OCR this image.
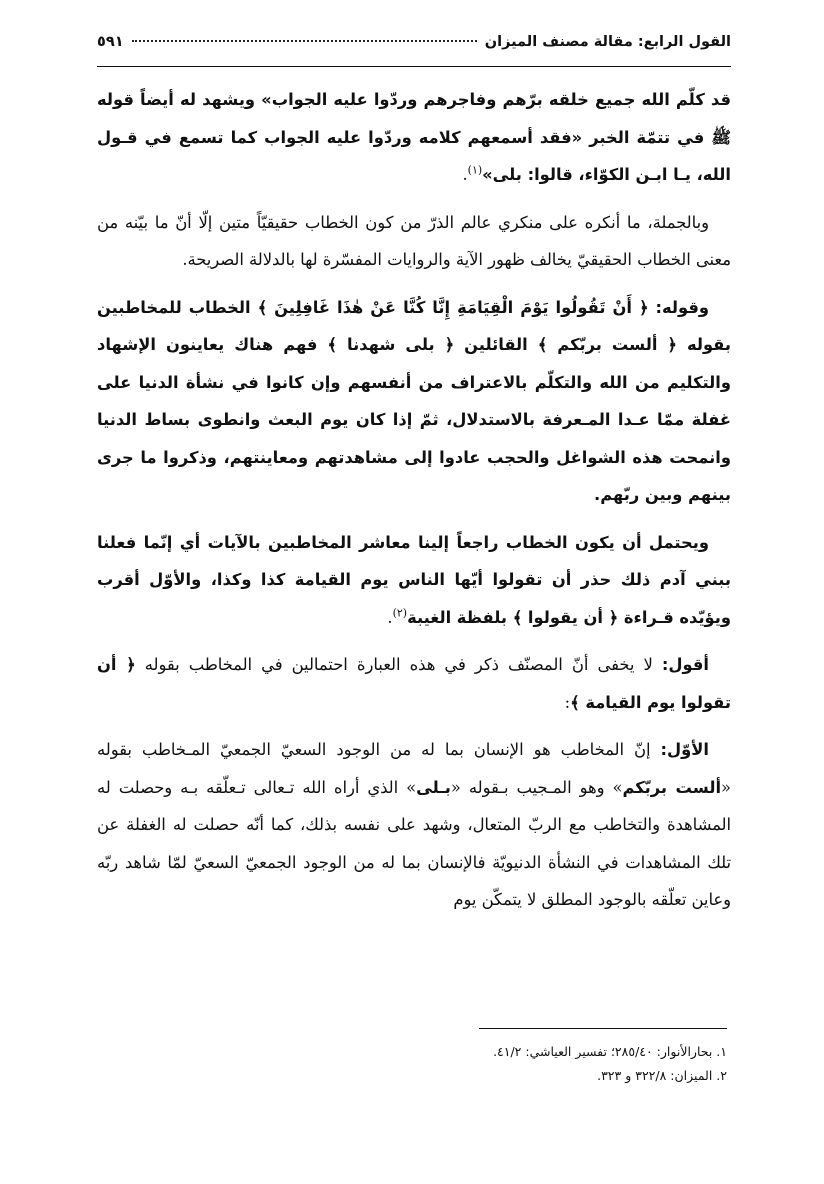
القول الرابع: مقالة مصنف الميزان
٥٩١

قد كلّم الله جميع خلقه برّهم وفاجرهم وردّوا عليه الجواب» ويشهد له أيضاً قوله ﷺ في تتمّة الخبر «فقد أسمعهم كلامه وردّوا عليه الجواب كما تسمع في قـول الله، يـا ابـن الكوّاء، قالوا: بلى»$^{(١)}$.

وبالجملة، ما أنكره على منكري عالم الذرّ من كون الخطاب حقيقيّاً متين إلّا أنّ ما بيّنه من معنى الخطاب الحقيقيّ يخالف ظهور الآية والروايات المفسّرة لها بالدلالة الصريحة.

وقوله: ﴿ أَنْ تَقُولُوا يَوْمَ الْقِيَامَةِ إِنَّا كُنَّا عَنْ هٰذَا غَافِلِينَ ﴾ الخطاب للمخاطبين بقوله ﴿ ألست بربّكم ﴾ القائلين ﴿ بلى شهدنا ﴾ فهم هناك يعاينون الإشهاد والتكليم من الله والتكلّم بالاعتراف من أنفسهم وإن كانوا في نشأة الدنيا على غفلة ممّا عـدا المـعرفة بالاستدلال، ثمّ إذا كان يوم البعث وانطوى بساط الدنيا وانمحت هذه الشواغل والحجب عادوا إلى مشاهدتهم ومعاينتهم، وذكروا ما جرى بينهم وبين ربّهم.

ويحتمل أن يكون الخطاب راجعاً إلينا معاشر المخاطبين بالآيات أي إنّما فعلنا ببني آدم ذلك حذر أن تقولوا أيّها الناس يوم القيامة كذا وكذا، والأوّل أقرب ويؤيّده قـراءة ﴿ أن يقولوا ﴾ بلفظة الغيبة$^{(٢)}$.

أقول: لا يخفى أنّ المصنّف ذكر في هذه العبارة احتمالين في المخاطب بقوله ﴿ أن تقولوا يوم القيامة ﴾:

الأوّل: إنّ المخاطب هو الإنسان بما له من الوجود السعيّ الجمعيّ المـخاطب بقوله «ألست بربّكم» وهو المـجيب بـقوله «بـلى» الذي أراه الله تـعالى تـعلّقه بـه وحصلت له المشاهدة والتخاطب مع الربّ المتعال، وشهد على نفسه بذلك، كما أنّه حصلت له الغفلة عن تلك المشاهدات في النشأة الدنيويّة فالإنسان بما له من الوجود الجمعيّ السعيّ لمّا شاهد ربّه وعاين تعلّقه بالوجود المطلق لا يتمكّن يوم

١. بحارالأنوار: ٢٨٥/٤٠؛ تفسير العياشي: ٤١/٢.

٢. الميزان: ٣٢٢/٨ و ٣٢٣.
